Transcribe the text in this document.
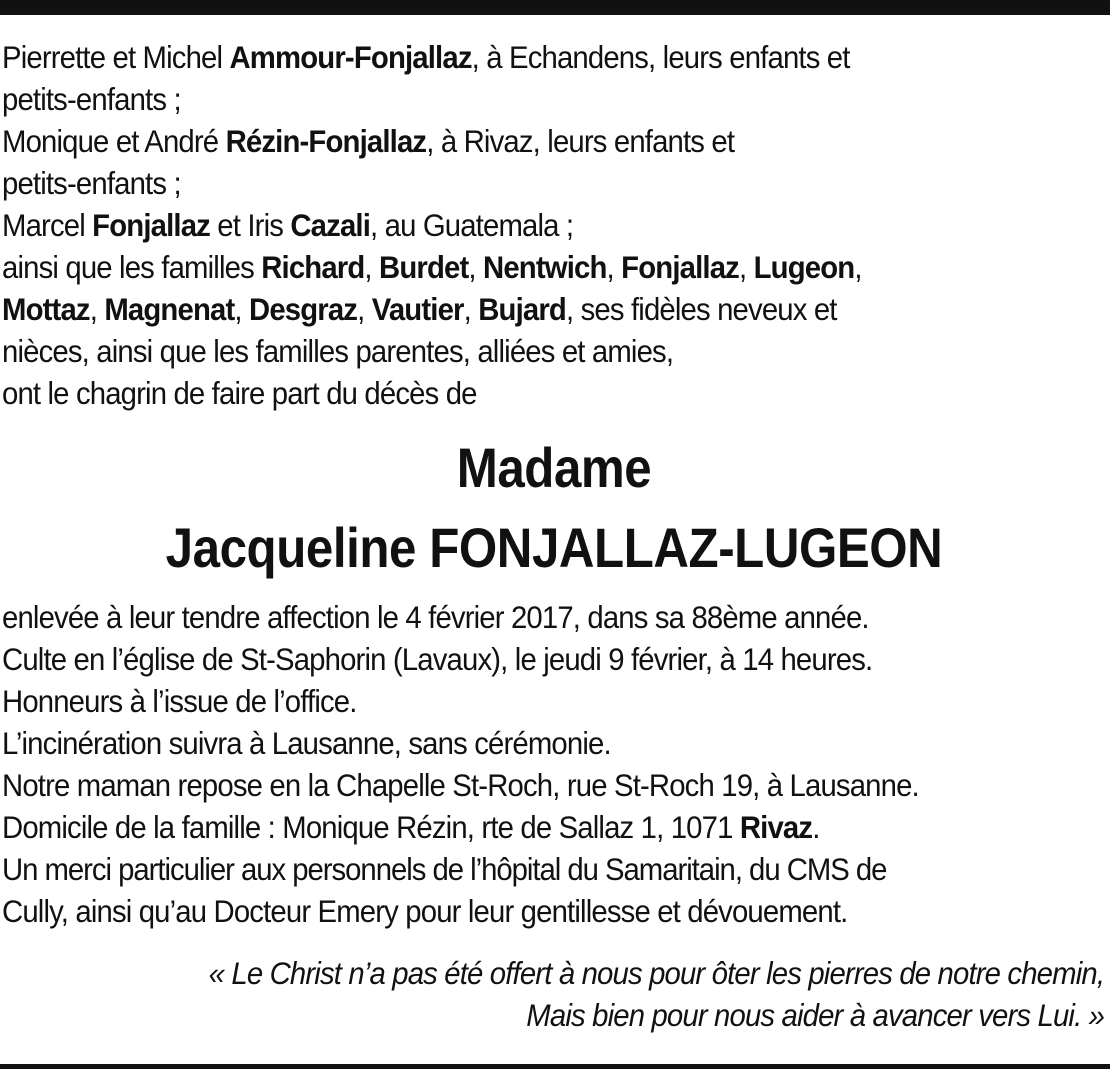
Pierrette et Michel Ammour-Fonjallaz, à Echandens, leurs enfants et
petits-enfants ;
Monique et André Rézin-Fonjallaz, à Rivaz, leurs enfants et
petits-enfants ;
Marcel Fonjallaz et Iris Cazali, au Guatemala ;
ainsi que les familles Richard, Burdet, Nentwich, Fonjallaz, Lugeon,
Mottaz, Magnenat, Desgraz, Vautier, Bujard, ses fidèles neveux et
nièces, ainsi que les familles parentes, alliées et amies,
ont le chagrin de faire part du décès de
Madame
Jacqueline FONJALLAZ-LUGEON
enlevée à leur tendre affection le 4 février 2017, dans sa 88ème année.
Culte en l’église de St-Saphorin (Lavaux), le jeudi 9 février, à 14 heures.
Honneurs à l’issue de l’office.
L’incinération suivra à Lausanne, sans cérémonie.
Notre maman repose en la Chapelle St-Roch, rue St-Roch 19, à Lausanne.
Domicile de la famille : Monique Rézin, rte de Sallaz 1, 1071 Rivaz.
Un merci particulier aux personnels de l’hôpital du Samaritain, du CMS de
Cully, ainsi qu’au Docteur Emery pour leur gentillesse et dévouement.
« Le Christ n’a pas été offert à nous pour ôter les pierres de notre chemin,
Mais bien pour nous aider à avancer vers Lui. »
